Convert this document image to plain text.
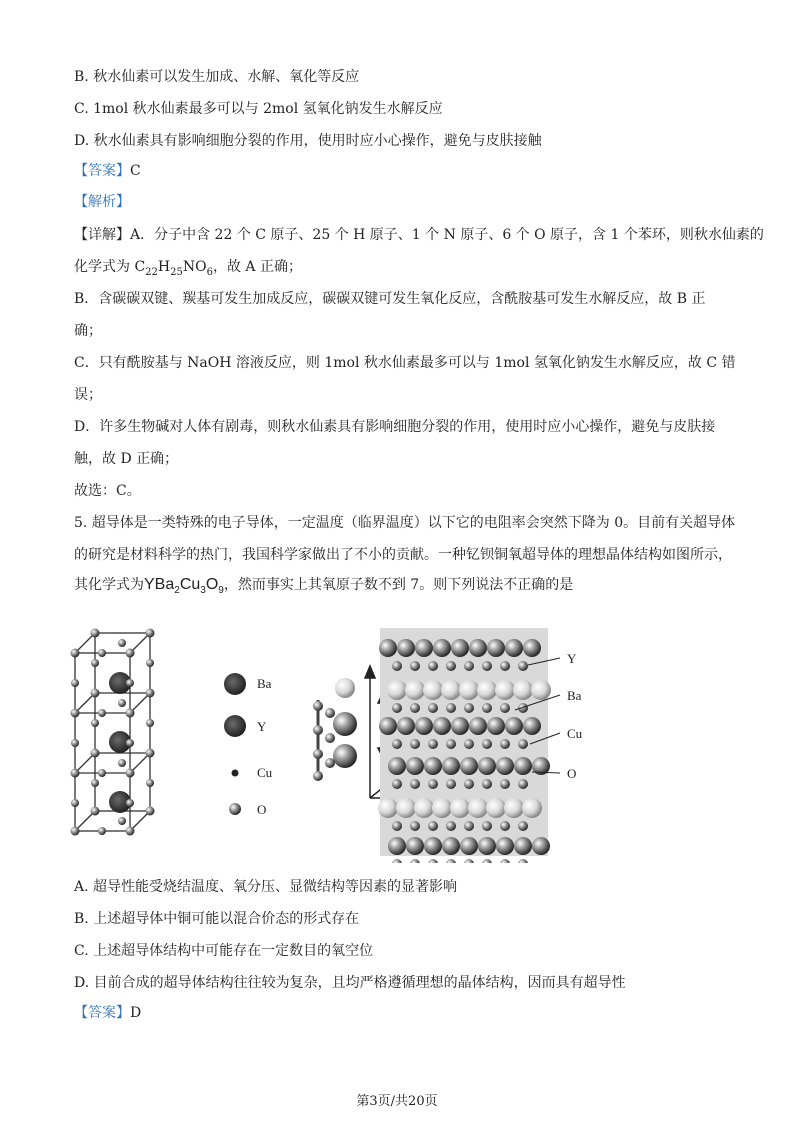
B. 秋水仙素可以发生加成、水解、氧化等反应
C. 1mol 秋水仙素最多可以与 2mol 氢氧化钠发生水解反应
D. 秋水仙素具有影响细胞分裂的作用，使用时应小心操作，避免与皮肤接触
【答案】C
【解析】
【详解】A．分子中含 22 个 C 原子、25 个 H 原子、1 个 N 原子、6 个 O 原子，含 1 个苯环，则秋水仙素的
化学式为 $C_{22}H_{25}NO_6$，故 A 正确；
B．含碳碳双键、羰基可发生加成反应，碳碳双键可发生氧化反应，含酰胺基可发生水解反应，故 B 正
确；
C．只有酰胺基与 NaOH 溶液反应，则 1mol 秋水仙素最多可以与 1mol 氢氧化钠发生水解反应，故 C 错
误；
D．许多生物碱对人体有剧毒，则秋水仙素具有影响细胞分裂的作用，使用时应小心操作，避免与皮肤接
触，故 D 正确；
故选：C。
5. 超导体是一类特殊的电子导体，一定温度（临界温度）以下它的电阻率会突然下降为 0。目前有关超导体
的研究是材料科学的热门，我国科学家做出了不小的贡献。一种钇钡铜氧超导体的理想晶体结构如图所示，
其化学式为$YBa_2Cu_3O_9$，然而事实上其氧原子数不到 7。则下列说法不正确的是
Ba
Y
Cu
O
Y
Ba
Cu
O
A. 超导性能受烧结温度、氧分压、显微结构等因素的显著影响
B. 上述超导体中铜可能以混合价态的形式存在
C. 上述超导体结构中可能存在一定数目的氧空位
D. 目前合成的超导体结构往往较为复杂，且均严格遵循理想的晶体结构，因而具有超导性
【答案】D
第3页/共20页
